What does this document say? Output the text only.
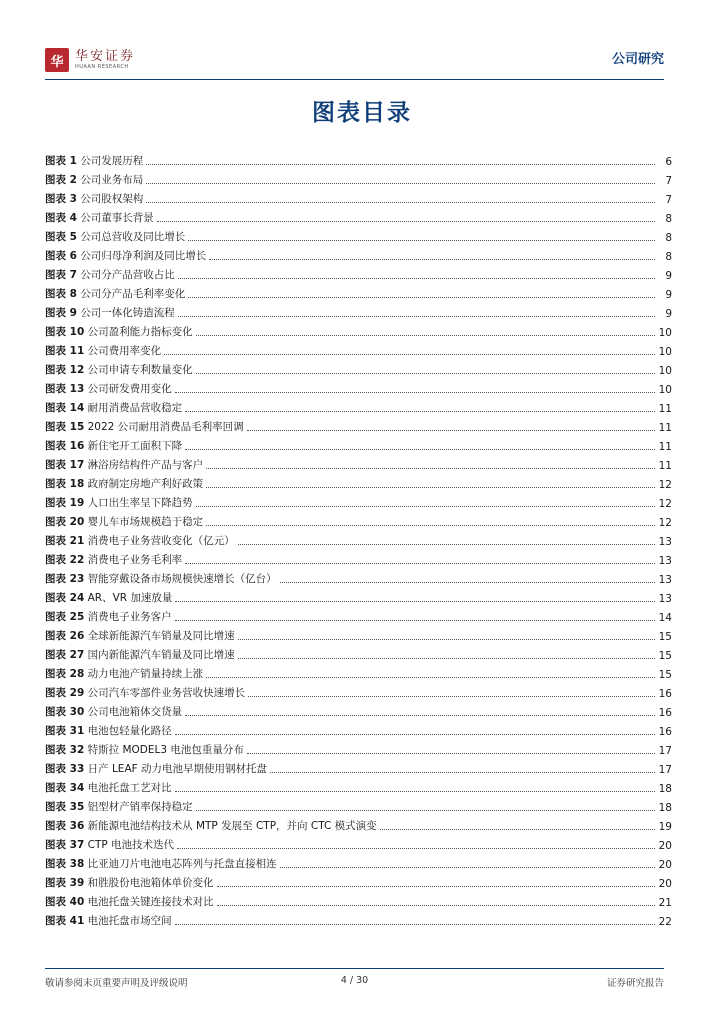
华 华安证券
HUAAN RESEARCH	公司研究
图表目录
图表 1 公司发展历程	6
图表 2 公司业务布局	7
图表 3 公司股权架构	7
图表 4 公司董事长背景	8
图表 5 公司总营收及同比增长	8
图表 6 公司归母净利润及同比增长	8
图表 7 公司分产品营收占比	9
图表 8 公司分产品毛利率变化	9
图表 9 公司一体化铸造流程	9
图表 10 公司盈利能力指标变化	10
图表 11 公司费用率变化	10
图表 12 公司申请专利数量变化	10
图表 13 公司研发费用变化	10
图表 14 耐用消费品营收稳定	11
图表 15 2022 公司耐用消费品毛利率回调	11
图表 16 新住宅开工面积下降	11
图表 17 淋浴房结构件产品与客户	11
图表 18 政府制定房地产利好政策	12
图表 19 人口出生率呈下降趋势	12
图表 20 婴儿车市场规模趋于稳定	12
图表 21 消费电子业务营收变化（亿元）	13
图表 22 消费电子业务毛利率	13
图表 23 智能穿戴设备市场规模快速增长（亿台）	13
图表 24 AR、VR 加速放量	13
图表 25 消费电子业务客户	14
图表 26 全球新能源汽车销量及同比增速	15
图表 27 国内新能源汽车销量及同比增速	15
图表 28 动力电池产销量持续上涨	15
图表 29 公司汽车零部件业务营收快速增长	16
图表 30 公司电池箱体交货量	16
图表 31 电池包轻量化路径	16
图表 32 特斯拉 MODEL3 电池包重量分布	17
图表 33 日产 LEAF 动力电池早期使用钢材托盘	17
图表 34 电池托盘工艺对比	18
图表 35 铝型材产销率保持稳定	18
图表 36 新能源电池结构技术从 MTP 发展至 CTP，并向 CTC 模式演变	19
图表 37 CTP 电池技术迭代	20
图表 38 比亚迪刀片电池电芯阵列与托盘直接相连	20
图表 39 和胜股份电池箱体单价变化	20
图表 40 电池托盘关键连接技术对比	21
图表 41 电池托盘市场空间	22
敬请参阅末页重要声明及评级说明	4 / 30	证券研究报告
